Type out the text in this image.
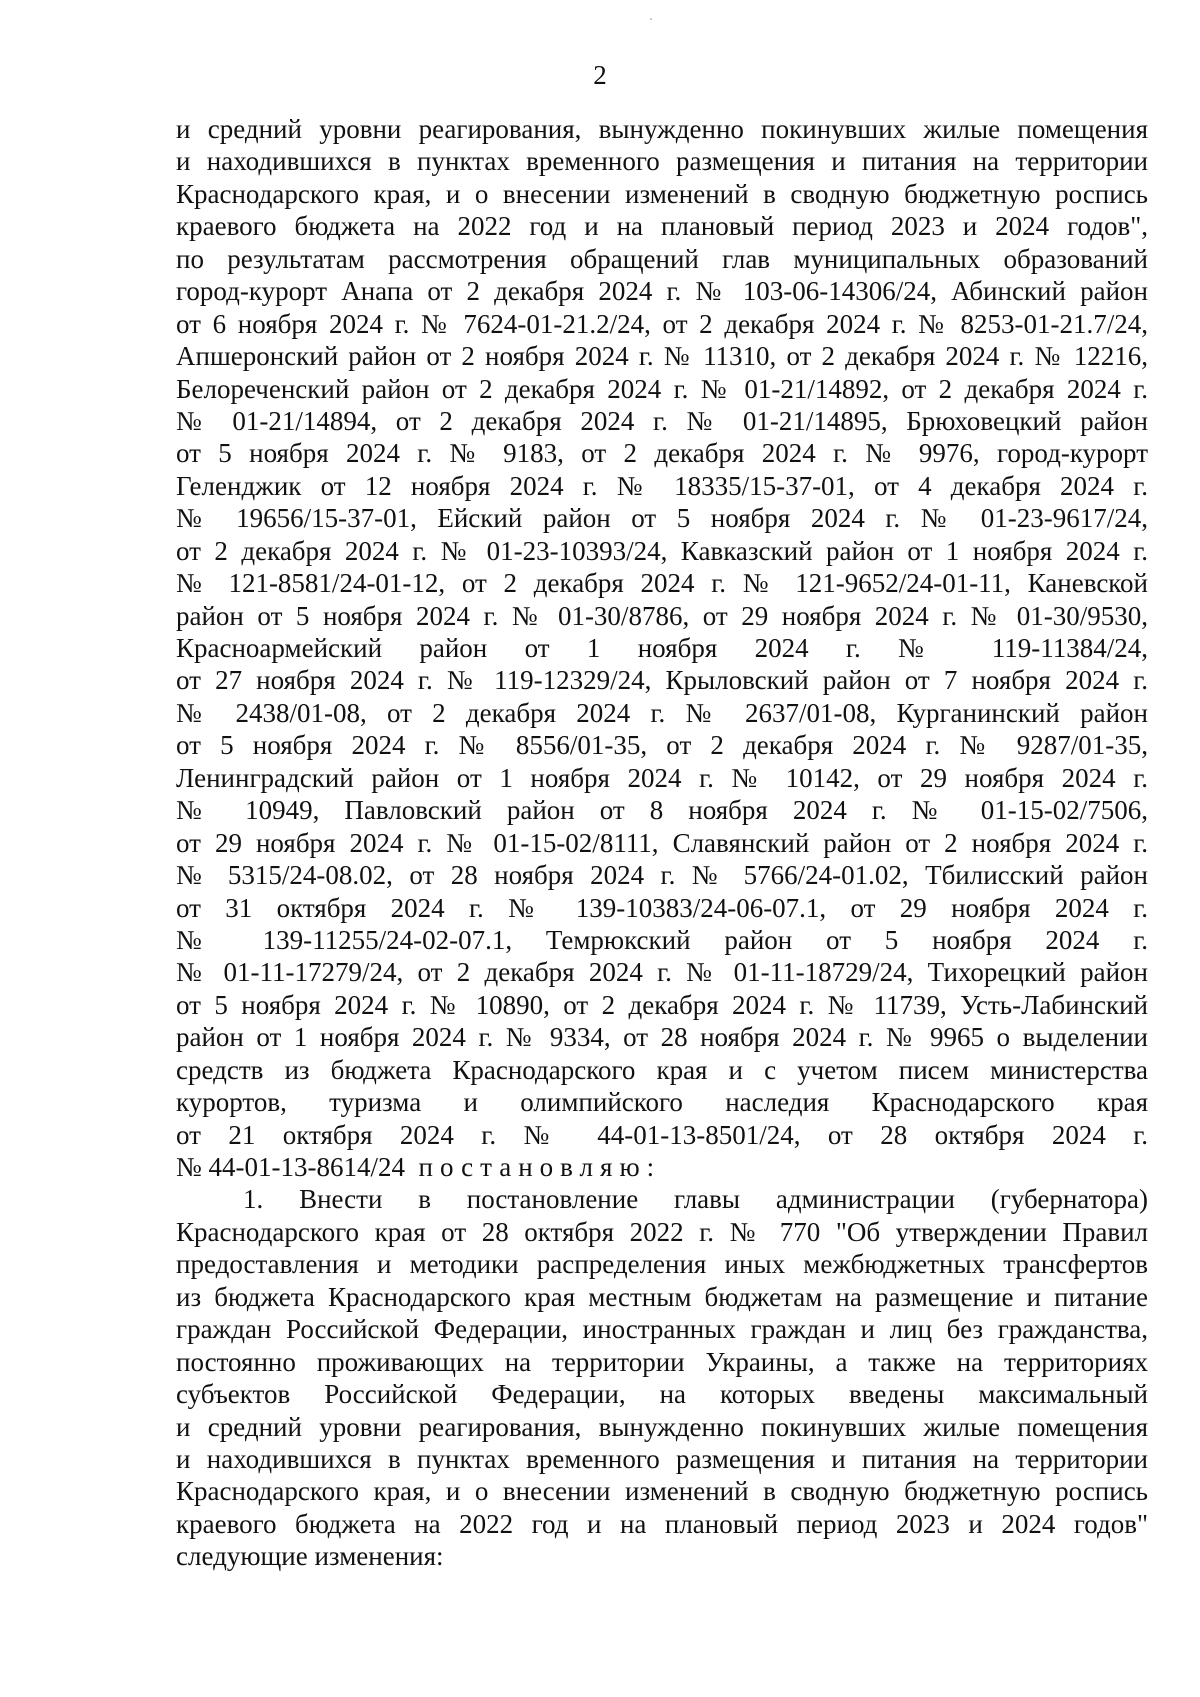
2
и средний уровни реагирования, вынужденно покинувших жилые помещения
и находившихся в пунктах временного размещения и питания на территории
Краснодарского края, и о внесении изменений в сводную бюджетную роспись
краевого бюджета на 2022 год и на плановый период 2023 и 2024 годов",
по результатам рассмотрения обращений глав муниципальных образований
город-курорт Анапа от 2 декабря 2024 г. № 103-06-14306/24, Абинский район
от 6 ноября 2024 г. № 7624-01-21.2/24, от 2 декабря 2024 г. № 8253-01-21.7/24,
Апшеронский район от 2 ноября 2024 г. № 11310, от 2 декабря 2024 г. № 12216,
Белореченский район от 2 декабря 2024 г. № 01-21/14892, от 2 декабря 2024 г.
№ 01-21/14894, от 2 декабря 2024 г. № 01-21/14895, Брюховецкий район
от 5 ноября 2024 г. № 9183, от 2 декабря 2024 г. № 9976, город-курорт
Геленджик от 12 ноября 2024 г. № 18335/15-37-01, от 4 декабря 2024 г.
№ 19656/15-37-01, Ейский район от 5 ноября 2024 г. № 01-23-9617/24,
от 2 декабря 2024 г. № 01-23-10393/24, Кавказский район от 1 ноября 2024 г.
№ 121-8581/24-01-12, от 2 декабря 2024 г. № 121-9652/24-01-11, Каневской
район от 5 ноября 2024 г. № 01-30/8786, от 29 ноября 2024 г. № 01-30/9530,
Красноармейский район от 1 ноября 2024 г. № 119-11384/24,
от 27 ноября 2024 г. № 119-12329/24, Крыловский район от 7 ноября 2024 г.
№ 2438/01-08, от 2 декабря 2024 г. № 2637/01-08, Курганинский район
от 5 ноября 2024 г. № 8556/01-35, от 2 декабря 2024 г. № 9287/01-35,
Ленинградский район от 1 ноября 2024 г. № 10142, от 29 ноября 2024 г.
№ 10949, Павловский район от 8 ноября 2024 г. № 01-15-02/7506,
от 29 ноября 2024 г. № 01-15-02/8111, Славянский район от 2 ноября 2024 г.
№ 5315/24-08.02, от 28 ноября 2024 г. № 5766/24-01.02, Тбилисский район
от 31 октября 2024 г. № 139-10383/24-06-07.1, от 29 ноября 2024 г.
№ 139-11255/24-02-07.1, Темрюкский район от 5 ноября 2024 г.
№ 01-11-17279/24, от 2 декабря 2024 г. № 01-11-18729/24, Тихорецкий район
от 5 ноября 2024 г. № 10890, от 2 декабря 2024 г. № 11739, Усть-Лабинский
район от 1 ноября 2024 г. № 9334, от 28 ноября 2024 г. № 9965 о выделении
средств из бюджета Краснодарского края и с учетом писем министерства
курортов, туризма и олимпийского наследия Краснодарского края
от 21 октября 2024 г. № 44-01-13-8501/24, от 28 октября 2024 г.
№ 44-01-13-8614/24 постановляю:
1. Внести в постановление главы администрации (губернатора)
Краснодарского края от 28 октября 2022 г. № 770 "Об утверждении Правил
предоставления и методики распределения иных межбюджетных трансфертов
из бюджета Краснодарского края местным бюджетам на размещение и питание
граждан Российской Федерации, иностранных граждан и лиц без гражданства,
постоянно проживающих на территории Украины, а также на территориях
субъектов Российской Федерации, на которых введены максимальный
и средний уровни реагирования, вынужденно покинувших жилые помещения
и находившихся в пунктах временного размещения и питания на территории
Краснодарского края, и о внесении изменений в сводную бюджетную роспись
краевого бюджета на 2022 год и на плановый период 2023 и 2024 годов"
следующие изменения:
